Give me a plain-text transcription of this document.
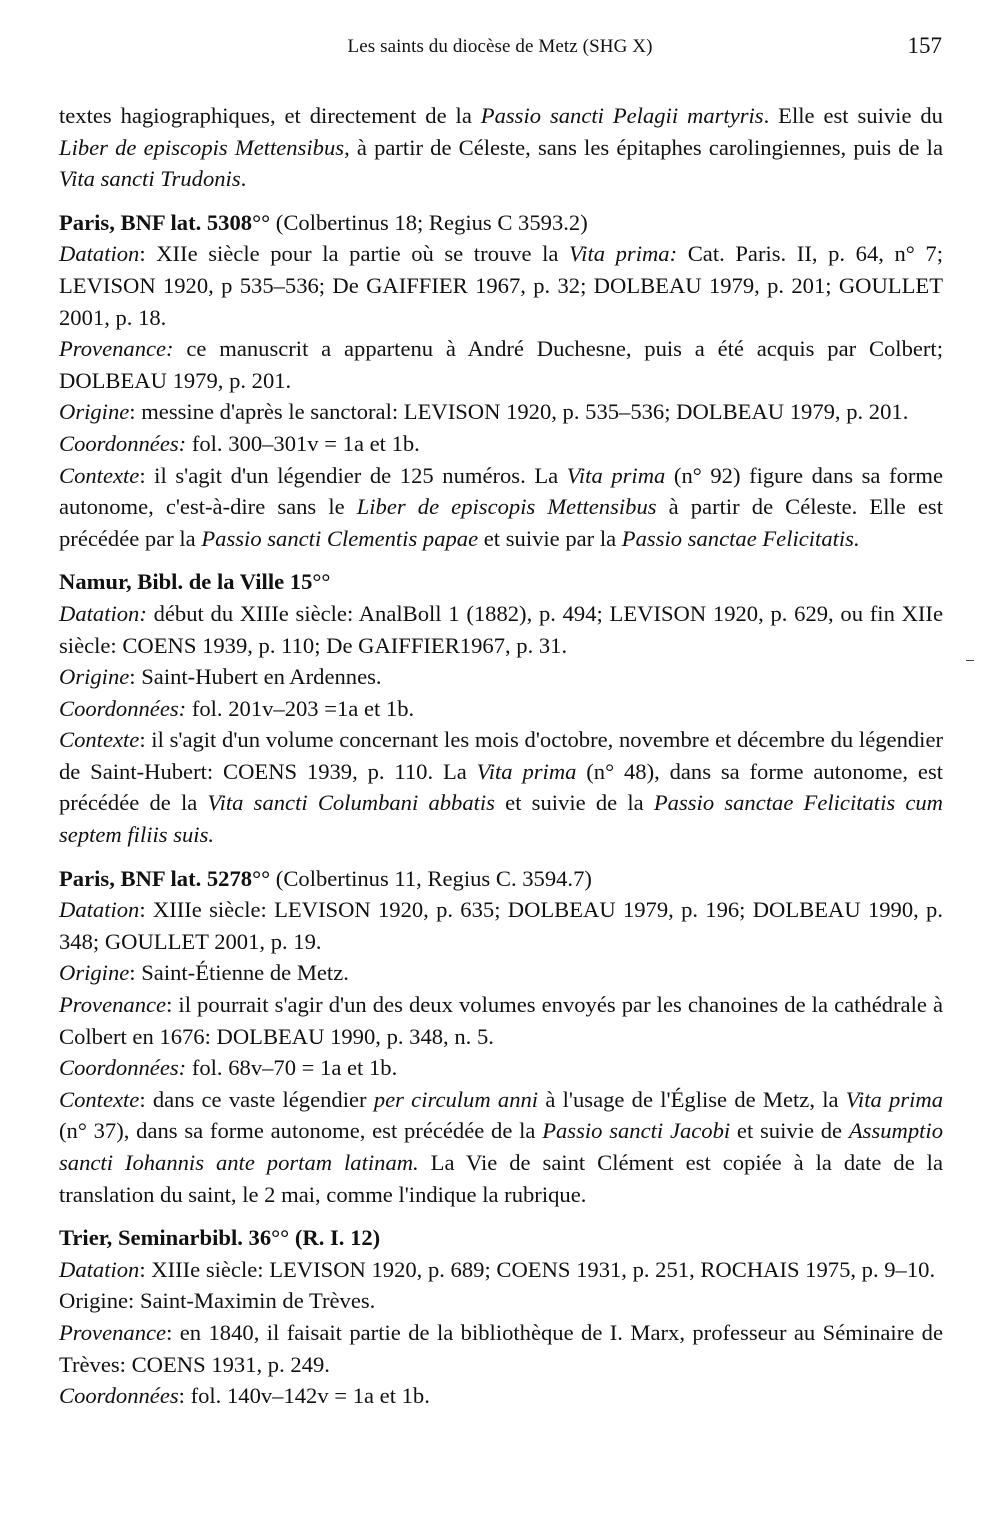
Les saints du diocèse de Metz (SHG X)	157

textes hagiographiques, et directement de la Passio sancti Pelagii martyris. Elle est suivie du Liber de episcopis Mettensibus, à partir de Céleste, sans les épitaphes carolingiennes, puis de la Vita sancti Trudonis.

Paris, BNF lat. 5308°° (Colbertinus 18; Regius C 3593.2)

Datation: XIIe siècle pour la partie où se trouve la Vita prima: Cat. Paris. II, p. 64, n° 7; LEVISON 1920, p 535–536; De GAIFFIER 1967, p. 32; DOLBEAU 1979, p. 201; GOULLET 2001, p. 18.

Provenance: ce manuscrit a appartenu à André Duchesne, puis a été acquis par Colbert; DOLBEAU 1979, p. 201.

Origine: messine d'après le sanctoral: LEVISON 1920, p. 535–536; DOLBEAU 1979, p. 201.

Coordonnées: fol. 300–301v = 1a et 1b.

Contexte: il s'agit d'un légendier de 125 numéros. La Vita prima (n° 92) figure dans sa forme autonome, c'est-à-dire sans le Liber de episcopis Mettensibus à partir de Céleste. Elle est précédée par la Passio sancti Clementis papae et suivie par la Passio sanctae Felicitatis.

Namur, Bibl. de la Ville 15°°

Datation: début du XIIIe siècle: AnalBoll 1 (1882), p. 494; LEVISON 1920, p. 629, ou fin XIIe siècle: COENS 1939, p. 110; De GAIFFIER1967, p. 31.

Origine: Saint-Hubert en Ardennes.

Coordonnées: fol. 201v–203 =1a et 1b.

Contexte: il s'agit d'un volume concernant les mois d'octobre, novembre et décembre du légendier de Saint-Hubert: COENS 1939, p. 110. La Vita prima (n° 48), dans sa forme autonome, est précédée de la Vita sancti Columbani abbatis et suivie de la Passio sanctae Felicitatis cum septem filiis suis.

Paris, BNF lat. 5278°° (Colbertinus 11, Regius C. 3594.7)

Datation: XIIIe siècle: LEVISON 1920, p. 635; DOLBEAU 1979, p. 196; DOLBEAU 1990, p. 348; GOULLET 2001, p. 19.

Origine: Saint-Étienne de Metz.

Provenance: il pourrait s'agir d'un des deux volumes envoyés par les chanoines de la cathédrale à Colbert en 1676: DOLBEAU 1990, p. 348, n. 5.

Coordonnées: fol. 68v–70 = 1a et 1b.

Contexte: dans ce vaste légendier per circulum anni à l'usage de l'Église de Metz, la Vita prima (n° 37), dans sa forme autonome, est précédée de la Passio sancti Jacobi et suivie de Assumptio sancti Iohannis ante portam latinam. La Vie de saint Clément est copiée à la date de la translation du saint, le 2 mai, comme l'indique la rubrique.

Trier, Seminarbibl. 36°° (R. I. 12)

Datation: XIIIe siècle: LEVISON 1920, p. 689; COENS 1931, p. 251, ROCHAIS 1975, p. 9–10.

Origine: Saint-Maximin de Trèves.

Provenance: en 1840, il faisait partie de la bibliothèque de I. Marx, professeur au Séminaire de Trèves: COENS 1931, p. 249.

Coordonnées: fol. 140v–142v = 1a et 1b.
